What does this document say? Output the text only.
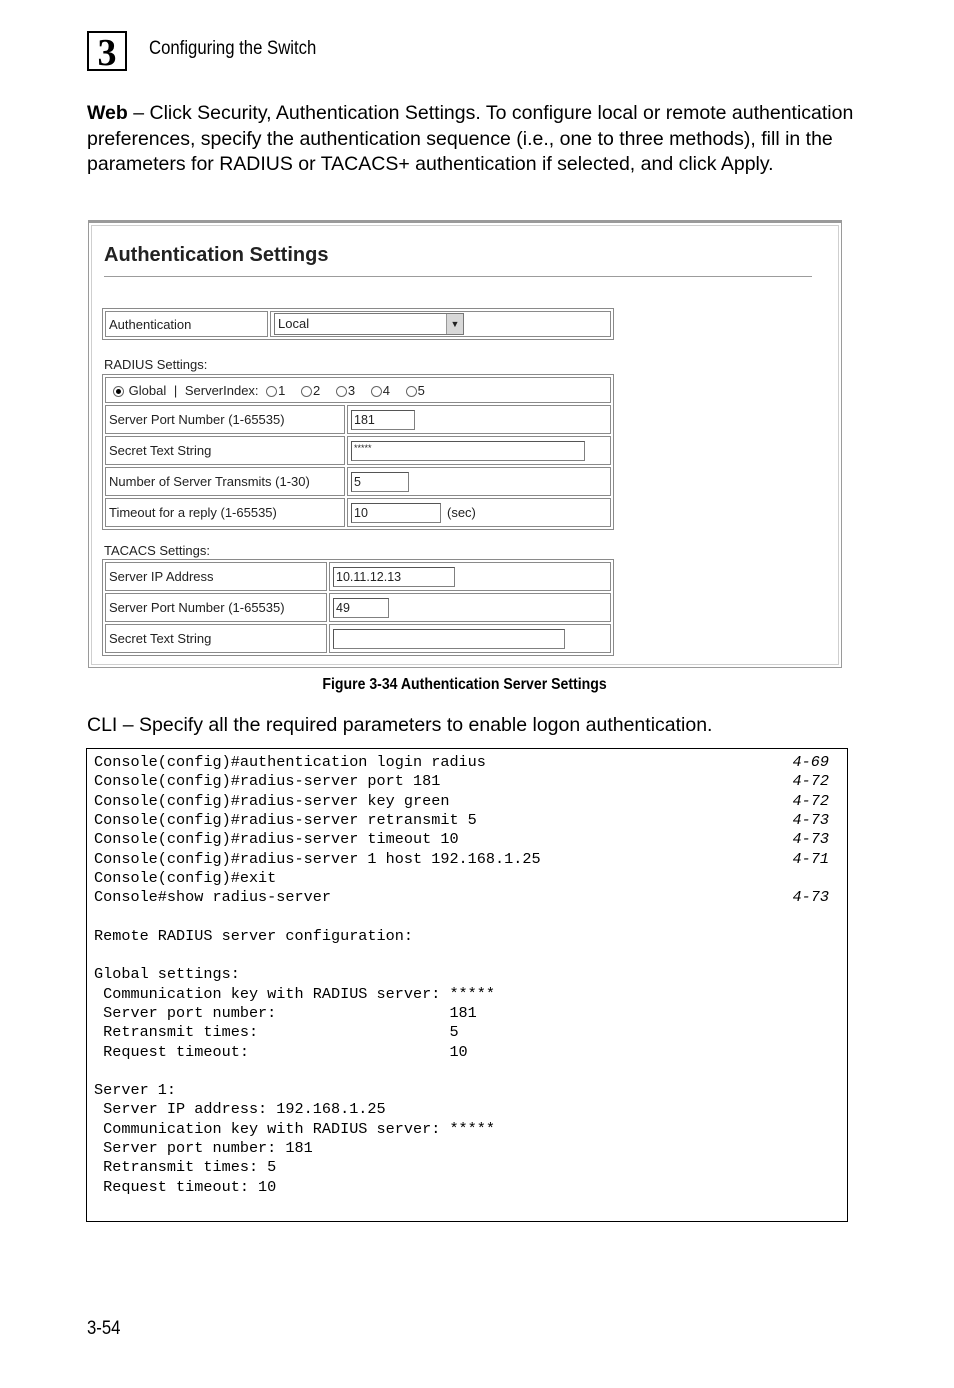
3 Configuring the Switch
Web – Click Security, Authentication Settings. To configure local or remote authentication preferences, specify the authentication sequence (i.e., one to three methods), fill in the parameters for RADIUS or TACACS+ authentication if selected, and click Apply.
Authentication Settings
Authentication	Local	▼
RADIUS Settings:
Global | ServerIndex: 1 2 3 4 5	
Server Port Number (1-65535)	181
Secret Text String	*****
Number of Server Transmits (1-30)	5
Timeout for a reply (1-65535)	10 (sec)
TACACS Settings:
Server IP Address	10.11.12.13
Server Port Number (1-65535)	49
Secret Text String	
Figure 3-34 Authentication Server Settings
CLI – Specify all the required parameters to enable logon authentication.
Console(config)#authentication login radius	4-69
Console(config)#radius-server port 181	4-72
Console(config)#radius-server key green	4-72
Console(config)#radius-server retransmit 5	4-73
Console(config)#radius-server timeout 10	4-73
Console(config)#radius-server 1 host 192.168.1.25	4-71
Console(config)#exit
Console#show radius-server	4-73
Remote RADIUS server configuration:
Global settings:
Communication key with RADIUS server: *****
Server port number:                   181
Retransmit times:                     5
Request timeout:                      10
Server 1:
Server IP address: 192.168.1.25
Communication key with RADIUS server: *****
Server port number: 181
Retransmit times: 5
Request timeout: 10
3-54
